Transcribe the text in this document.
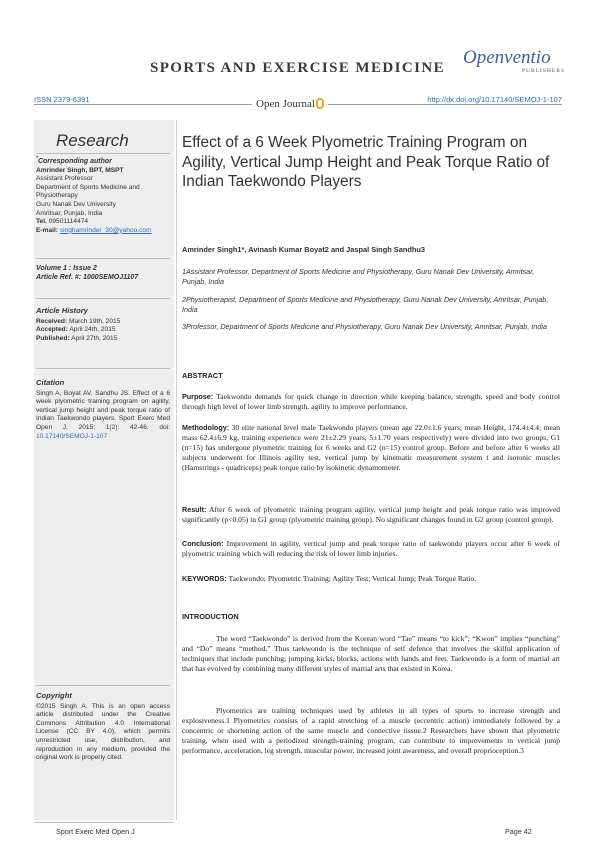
SPORTS AND EXERCISE MEDICINE Openventio
PUBLISHERS
ISSN 2379-6391	Open Journal	http://dx.doi.org/10.17140/SEMOJ-1-107
Research
*Corresponding author
Amrinder Singh, BPT, MSPT
Assistant Professor
Department of Sports Medicine and Physiotherapy
Guru Nanak Dev University
Amritsar, Punjab, India
Tel. 09501114474
E-mail: singhamrinder_30@yahoo.com
Volume 1 : Issue 2
Article Ref. #: 1000SEMOJ1107
Article History
Received: March 19th, 2015
Accepted: April 24th, 2015
Published: April 27th, 2015
Citation
Singh A, Boyat AV, Sandhu JS. Effect of a 6 week plyometric training program on agility, vertical jump height and peak torque ratio of Indian Taekwondo players. Sport Exerc Med Open J. 2015; 1(2): 42-46. doi: 10.17140/SEMOJ-1-107
Copyright
©2015 Singh A. This is an open access article distributed under the Creative Commons Attribution 4.0 International License (CC BY 4.0), which permits unrestricted use, distribution, and reproduction in any medium, provided the original work is properly cited.
Effect of a 6 Week Plyometric Training Program on Agility, Vertical Jump Height and Peak Torque Ratio of Indian Taekwondo Players
Amrinder Singh1*, Avinash Kumar Boyat2 and Jaspal Singh Sandhu3
1Assistant Professor, Department of Sports Medicine and Physiotherapy, Guru Nanak Dev University, Amritsar, Punjab, India
2Physiotherapist, Department of Sports Medicine and Physiotherapy, Guru Nanak Dev University, Amritsar, Punjab, India
3Professor, Department of Sports Medicine and Physiotherapy, Guru Nanak Dev University, Amritsar, Punjab, India
ABSTRACT
Purpose: Taekwondo demands for quick change in direction while keeping balance, strength, speed and body control through high level of lower limb strength, agility to improve performance.
Methodology: 30 elite national level male Taekwondo players (mean age 22.0±1.6 years; mean Height, 174.4±4.4; mean mass 62.4±6.9 kg, training experience were 21±2.29 years, 5±1.70 years respectively) were divided into two groups, G1 (n=15) has undergone plyometric training for 6 weeks and G2 (n=15) control group. Before and before after 6 weeks all subjects underwent for Illinois agility test, vertical jump by kinematic measurement system t and isotonic muscles (Hamstrings - quadriceps) peak torque ratio by isokinetic dynamometer.
Result: After 6 week of plyometric training program agility, vertical jump height and peak torque ratio was improved significantly (p<0.05) in G1 group (plyometric training group). No significant changes found in G2 group (control group).
Conclusion: Improvement in agility, vertical jump and peak torque ratio of taekwondo players occur after 6 week of plyometric training which will reducing the risk of lower limb injuries.
KEYWORDS: Taekwondo; Plyometric Training; Agility Test; Vertical Jump; Peak Torque Ratio.
INTRODUCTION
The word “Taekwondo” is derived from the Korean word “Tae” means “to kick”; “Kwon” implies “punching” and “Do” means “method.” Thus taekwondo is the technique of self defence that involves the skilful application of techniques that include punching; jumping kicks, blocks, actions with hands and feet. Taekwondo is a form of martial art that has evolved by combining many different styles of martial arts that existed in Korea.
Plyometrics are training techniques used by athletes in all types of sports to increase strength and explosiveness.1 Plyometrics consists of a rapid stretching of a muscle (eccentric action) immediately followed by a concentric or shortening action of the same muscle and connective tissue.2 Researchers have shown that plyometric training, when used with a periodized strength-training program, can contribute to improvements in vertical jump performance, acceleration, leg strength, muscular power, increased joint awareness, and overall proprioception.3
Sport Exerc Med Open J	Page 42
